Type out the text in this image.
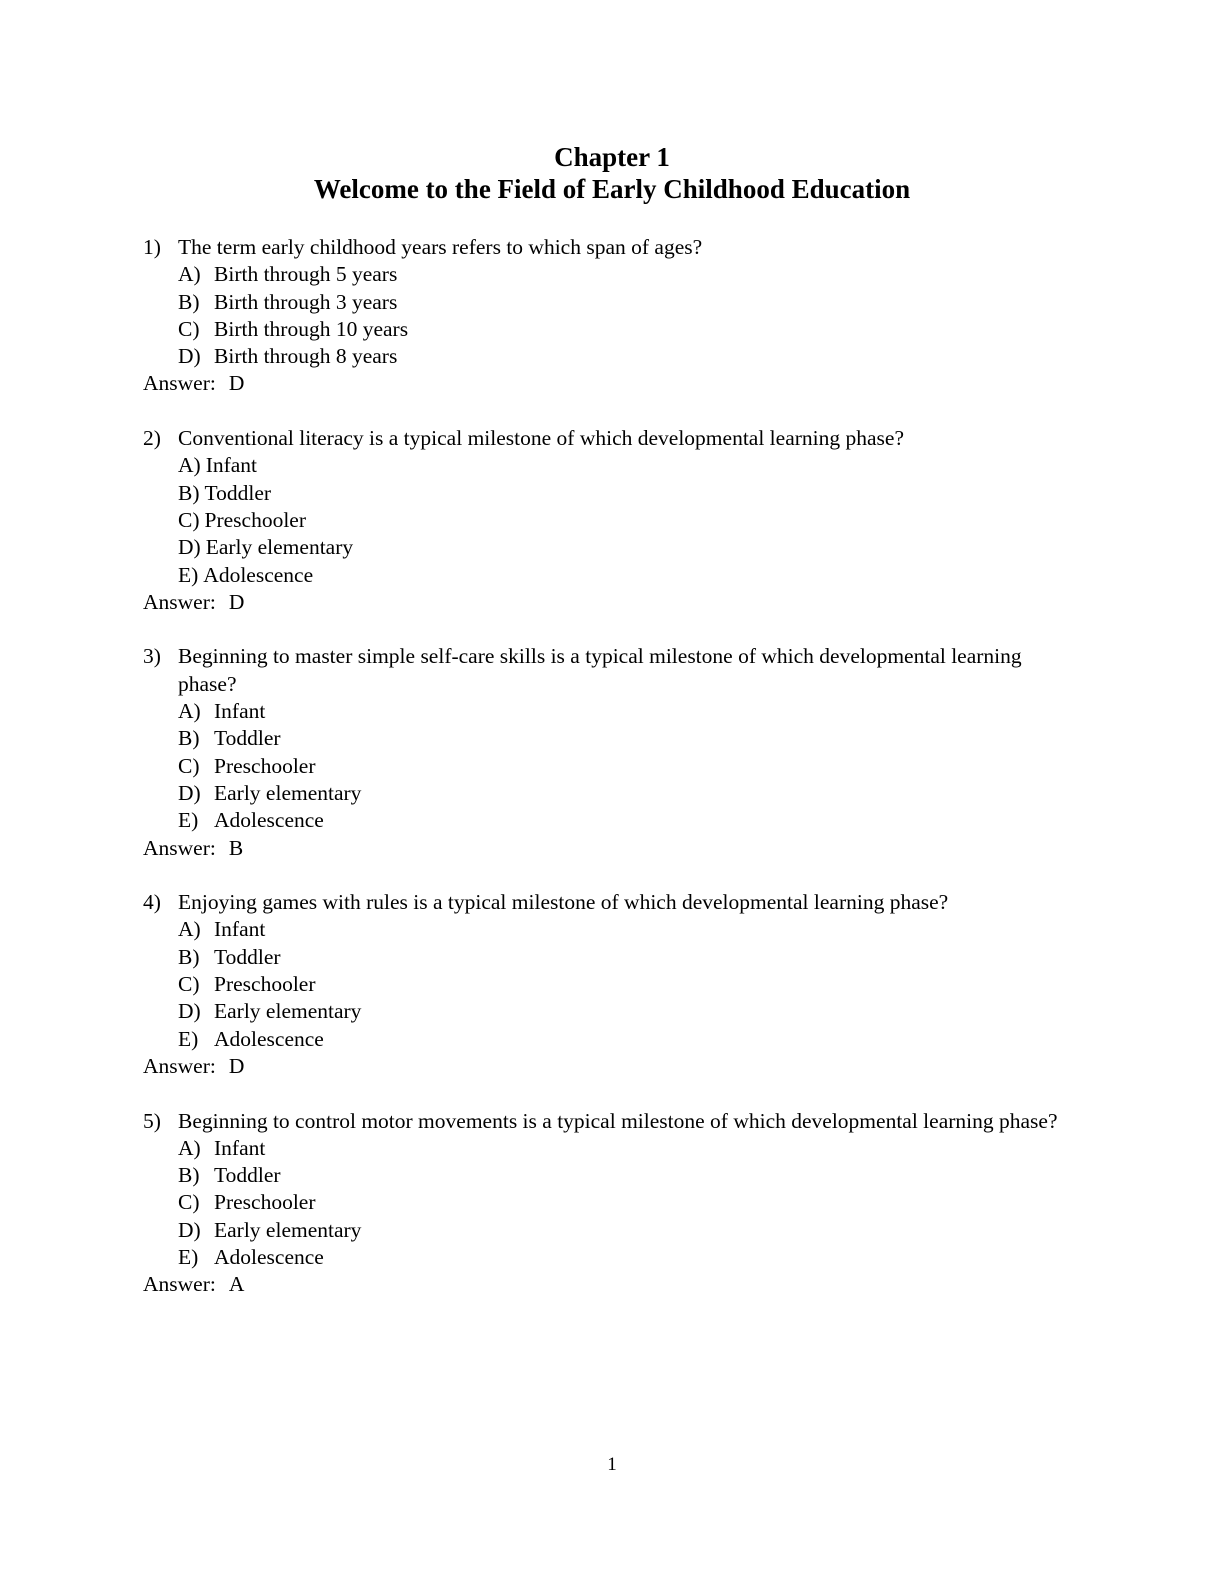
Chapter 1
Welcome to the Field of Early Childhood Education
1) The term early childhood years refers to which span of ages?
A) Birth through 5 years
B) Birth through 3 years
C) Birth through 10 years
D) Birth through 8 years
Answer: D
2) Conventional literacy is a typical milestone of which developmental learning phase?
A) Infant
B) Toddler
C) Preschooler
D) Early elementary
E) Adolescence
Answer: D
3) Beginning to master simple self-care skills is a typical milestone of which developmental learning phase?
A) Infant
B) Toddler
C) Preschooler
D) Early elementary
E) Adolescence
Answer: B
4) Enjoying games with rules is a typical milestone of which developmental learning phase?
A) Infant
B) Toddler
C) Preschooler
D) Early elementary
E) Adolescence
Answer: D
5) Beginning to control motor movements is a typical milestone of which developmental learning phase?
A) Infant
B) Toddler
C) Preschooler
D) Early elementary
E) Adolescence
Answer: A
1
